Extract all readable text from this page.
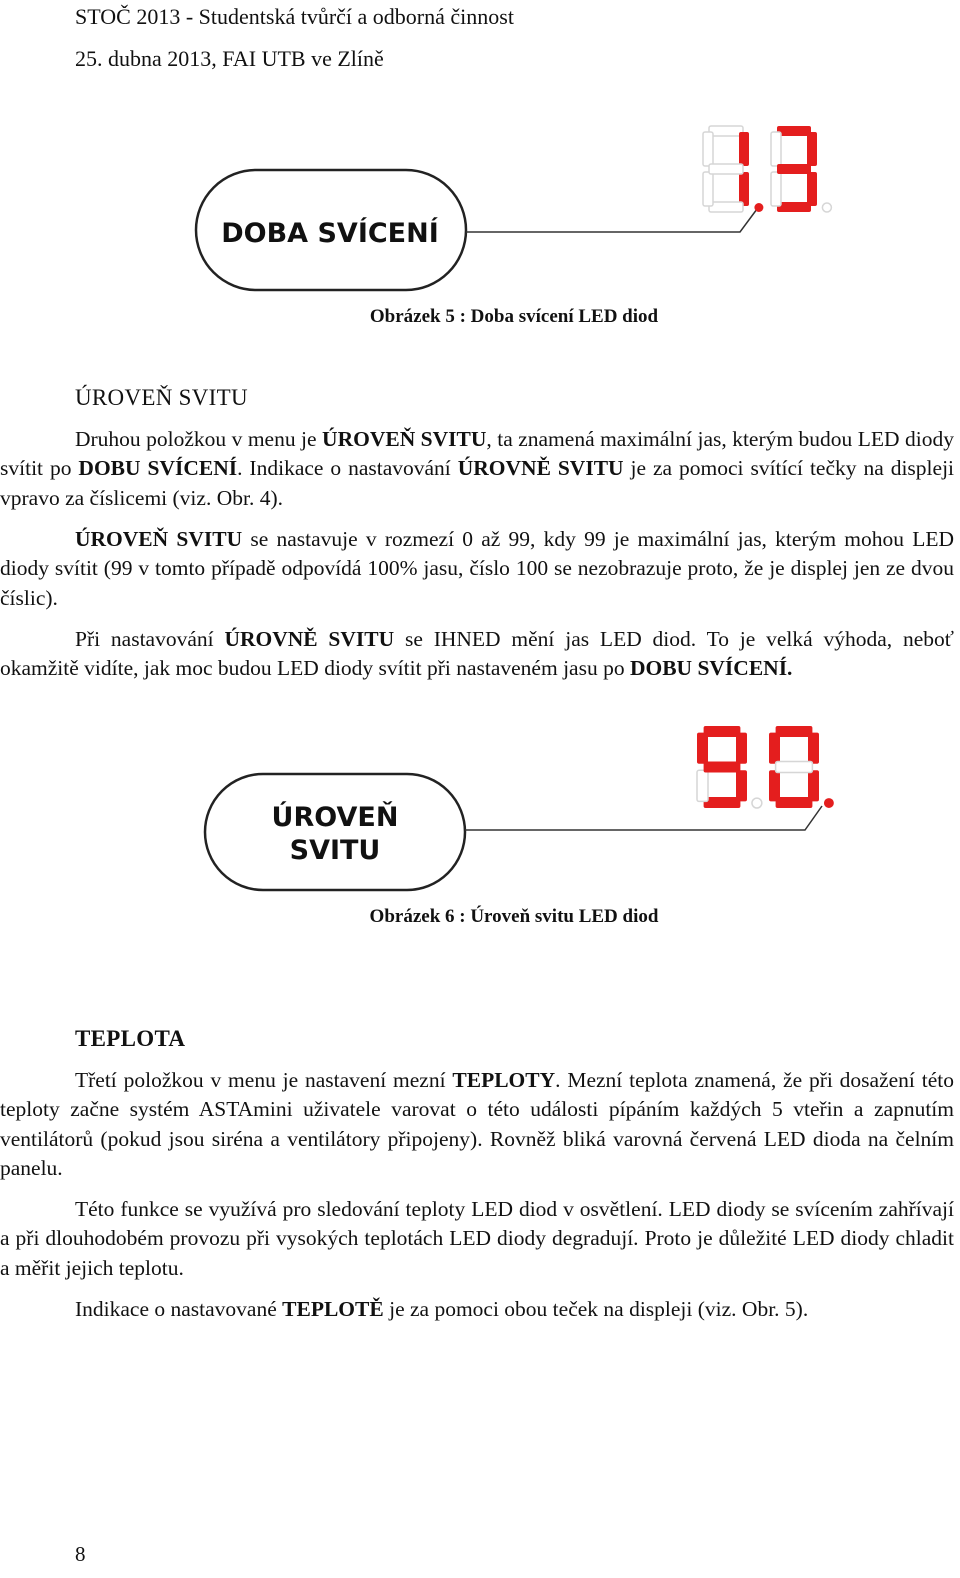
STOČ 2013 - Studentská tvůrčí a odborná činnost
25. dubna 2013, FAI UTB ve Zlíně
DOBA SVÍCENÍ
Obrázek 5 : Doba svícení LED diod
ÚROVEŇ SVITU

Druhou položkou v menu je ÚROVEŇ SVITU, ta znamená maximální jas, kterým budou LED diody svítit po DOBU SVÍCENÍ. Indikace o nastavování ÚROVNĚ SVITU je za pomoci svítící tečky na displeji vpravo za číslicemi (viz. Obr. 4).

ÚROVEŇ SVITU se nastavuje v rozmezí 0 až 99, kdy 99 je maximální jas, kterým mohou LED diody svítit (99 v tomto případě odpovídá 100% jasu, číslo 100 se nezobrazuje proto, že je displej jen ze dvou číslic).

Při nastavování ÚROVNĚ SVITU se IHNED mění jas LED diod. To je velká výhoda, neboť okamžitě vidíte, jak moc budou LED diody svítit při nastaveném jasu po DOBU SVÍCENÍ.

ÚROVEŇ
SVITU
Obrázek 6 : Úroveň svitu LED diod
TEPLOTA

Třetí položkou v menu je nastavení mezní TEPLOTY. Mezní teplota znamená, že při dosažení této teploty začne systém ASTAmini uživatele varovat o této události pípáním každých 5 vteřin a zapnutím ventilátorů (pokud jsou siréna a ventilátory připojeny). Rovněž bliká varovná červená LED dioda na čelním panelu.

Této funkce se využívá pro sledování teploty LED diod v osvětlení. LED diody se svícením zahřívají a při dlouhodobém provozu při vysokých teplotách LED diody degradují. Proto je důležité LED diody chladit a měřit jejich teplotu.

Indikace o nastavované TEPLOTĚ je za pomoci obou teček na displeji (viz. Obr. 5).

8
